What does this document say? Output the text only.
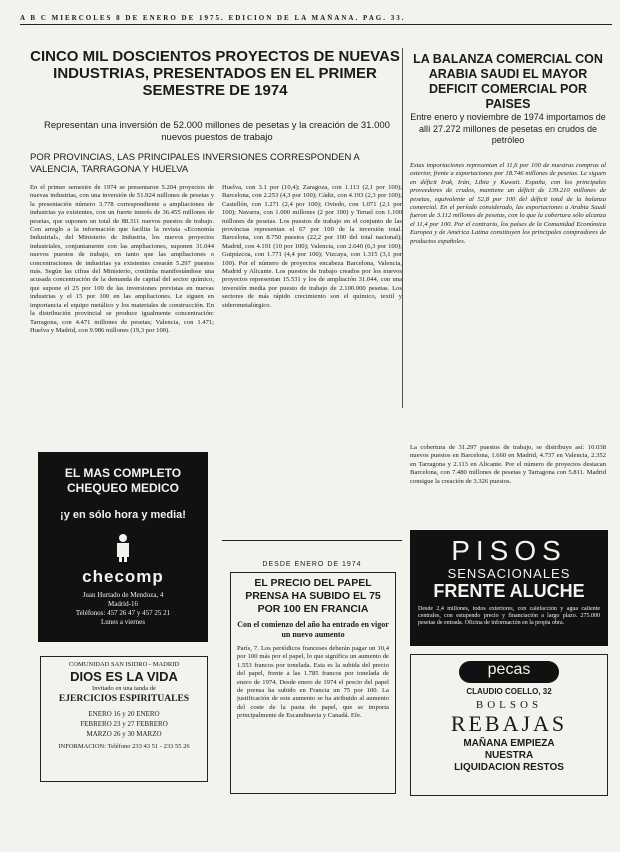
A B C MIERCOLES 8 DE ENERO DE 1975. EDICION DE LA MAÑANA. PAG. 33.
CINCO MIL DOSCIENTOS PROYECTOS DE NUEVAS INDUSTRIAS, PRESENTADOS EN EL PRIMER SEMESTRE DE 1974
Representan una inversión de 52.000 millones de pesetas y la creación de 31.000 nuevos puestos de trabajo
POR PROVINCIAS, LAS PRINCIPALES INVERSIONES CORRESPONDEN A VALENCIA, TARRAGONA Y HUELVA
En el primer semestre de 1974 se presentaron 5.204 proyectos de nuevas industrias, con una inversión de 51.924 millones de pesetas y la presentación número 3.778 correspondiente a ampliaciones de industrias ya existentes, con un fuerte interés de 36.455 millones de pesetas, que suponen un total de 88.311 nuevos puestos de trabajo. Con arreglo a la información que facilita la revista «Economía Industrial», del Ministerio de Industria, los nuevos proyectos industriales, conjuntamente con las ampliaciones, suponen 31.044 nuevos puestos de trabajo, en tanto que las ampliaciones o concentraciones de industrias ya existentes crearán 5.297 puestos más. Según las cifras del Ministerio, continúa manifestándose una acusada concentración de la demanda de capital del sector químico, que supone el 25 por 100 de las inversiones previstas en nuevas industrias y el 15 por 100 en las ampliaciones. Le siguen en importancia el equipo metálico y los materiales de construcción. En la distribución provincial se produce igualmente concentración: Tarragona, con 4.471 millones de pesetas; Valencia, con 1.471; Huelva y Madrid, con 9.986 millones (19,3 por 100).
Huelva, con 3.1 por (10,4); Zaragoza, con 1.113 (2,1 por 100); Barcelona, con 2.253 (4,3 por 100); Cádiz, con 4.193 (2,3 por 100); Castellón, con 1.271 (2,4 por 100); Oviedo, con 1.071 (2,1 por 100); Navarra, con 1.000 millones (2 por 100) y Teruel con 1.100 millones de pesetas. Los puestos de trabajo en el conjunto de las provincias representan el 67 por 100 de la inversión total. Barcelona, con 8.750 puestos (22,2 por 100 del total nacional); Madrid, con 4.191 (10 por 100); Valencia, con 2.640 (6,3 por 100); Guipúzcoa, con 1.771 (4,4 por 100); Vizcaya, con 1.315 (3,1 por 100). Por el número de proyectos encabeza Barcelona, Valencia, Madrid y Alicante. Los puestos de trabajo creados por los nuevos proyectos representan 15.531 y los de ampliación 31.044, con una inversión media por puesto de trabajo de 2.100.000 pesetas. Los sectores de más rápido crecimiento son el químico, textil y siderometalúrgico.
LA BALANZA COMERCIAL CON ARABIA SAUDI EL MAYOR DEFICIT COMERCIAL POR PAISES
Entre enero y noviembre de 1974 importamos de allí 27.272 millones de pesetas en crudos de petróleo
Estas importaciones representan el 11,6 por 100 de nuestras compras al exterior, frente a exportaciones por 18.746 millones de pesetas. Le siguen en déficit Irak, Irán, Libia y Kuwait. España, con los principales proveedores de crudos, mantiene un déficit de 139.210 millones de pesetas, equivalente al 52,8 por 100 del déficit total de la balanza comercial. En el período considerado, las exportaciones a Arabia Saudí fueron de 3.112 millones de pesetas, con lo que la cobertura sólo alcanza el 11,4 por 100. Por el contrario, los países de la Comunidad Económica Europea y de América Latina constituyen los principales compradores de productos españoles.
La cobertura de 31.297 puestos de trabajo, se distribuye así: 10.038 nuevos puestos en Barcelona, 1.660 en Madrid, 4.737 en Valencia, 2.352 en Tarragona y 2.113 en Alicante. Por el número de proyectos destacan Barcelona, con 7.480 millones de pesetas y Tarragona con 5.811. Madrid consigue la creación de 3.326 puestos.
EL MAS COMPLETO
CHEQUEO MEDICO
¡y en sólo hora y media!
checomp
Juan Hurtado de Mendoza, 4
Madrid-16
Teléfonos: 457 26 47 y 457 25 21
Lunes a viernes
COMUNIDAD SAN ISIDRO - MADRID
DIOS ES LA VIDA
Invitado en una tanda de
EJERCICIOS ESPIRITUALES
ENERO 16 y 20 ENERO
FEBRERO 23 y 27 FEBRERO
MARZO 26 y 30 MARZO
INFORMACION: Teléfono 233 43 51 - 233 55 26
DESDE ENERO DE 1974
EL PRECIO DEL PAPEL PRENSA HA SUBIDO EL 75 POR 100 EN FRANCIA
Con el comienzo del año ha entrado en vigor un nuevo aumento
París, 7. Los periódicos franceses deberán pagar un 10,4 por 100 más por el papel, lo que significa un aumento de 1.553 francos por tonelada. Esta es la subida del precio del papel, frente a las 1.785 francos por tonelada de enero de 1974. Desde enero de 1974 el precio del papel de prensa ha subido en Francia un 75 por 100. La justificación de este aumento se ha atribuido al aumento del coste de la pasta de papel, que se importa principalmente de Escandinavia y Canadá. Efe.
PISOS
SENSACIONALES
FRENTE ALUCHE
Desde 2,4 millones, todos exteriores, con calefacción y agua caliente centrales, con estupendo precio y financiación a largo plazo. 275.000 pesetas de entrada. Oficina de información en la propia obra.
pecas
CLAUDIO COELLO, 32
BOLSOS
REBAJAS
MAÑANA EMPIEZA
NUESTRA
LIQUIDACION RESTOS
